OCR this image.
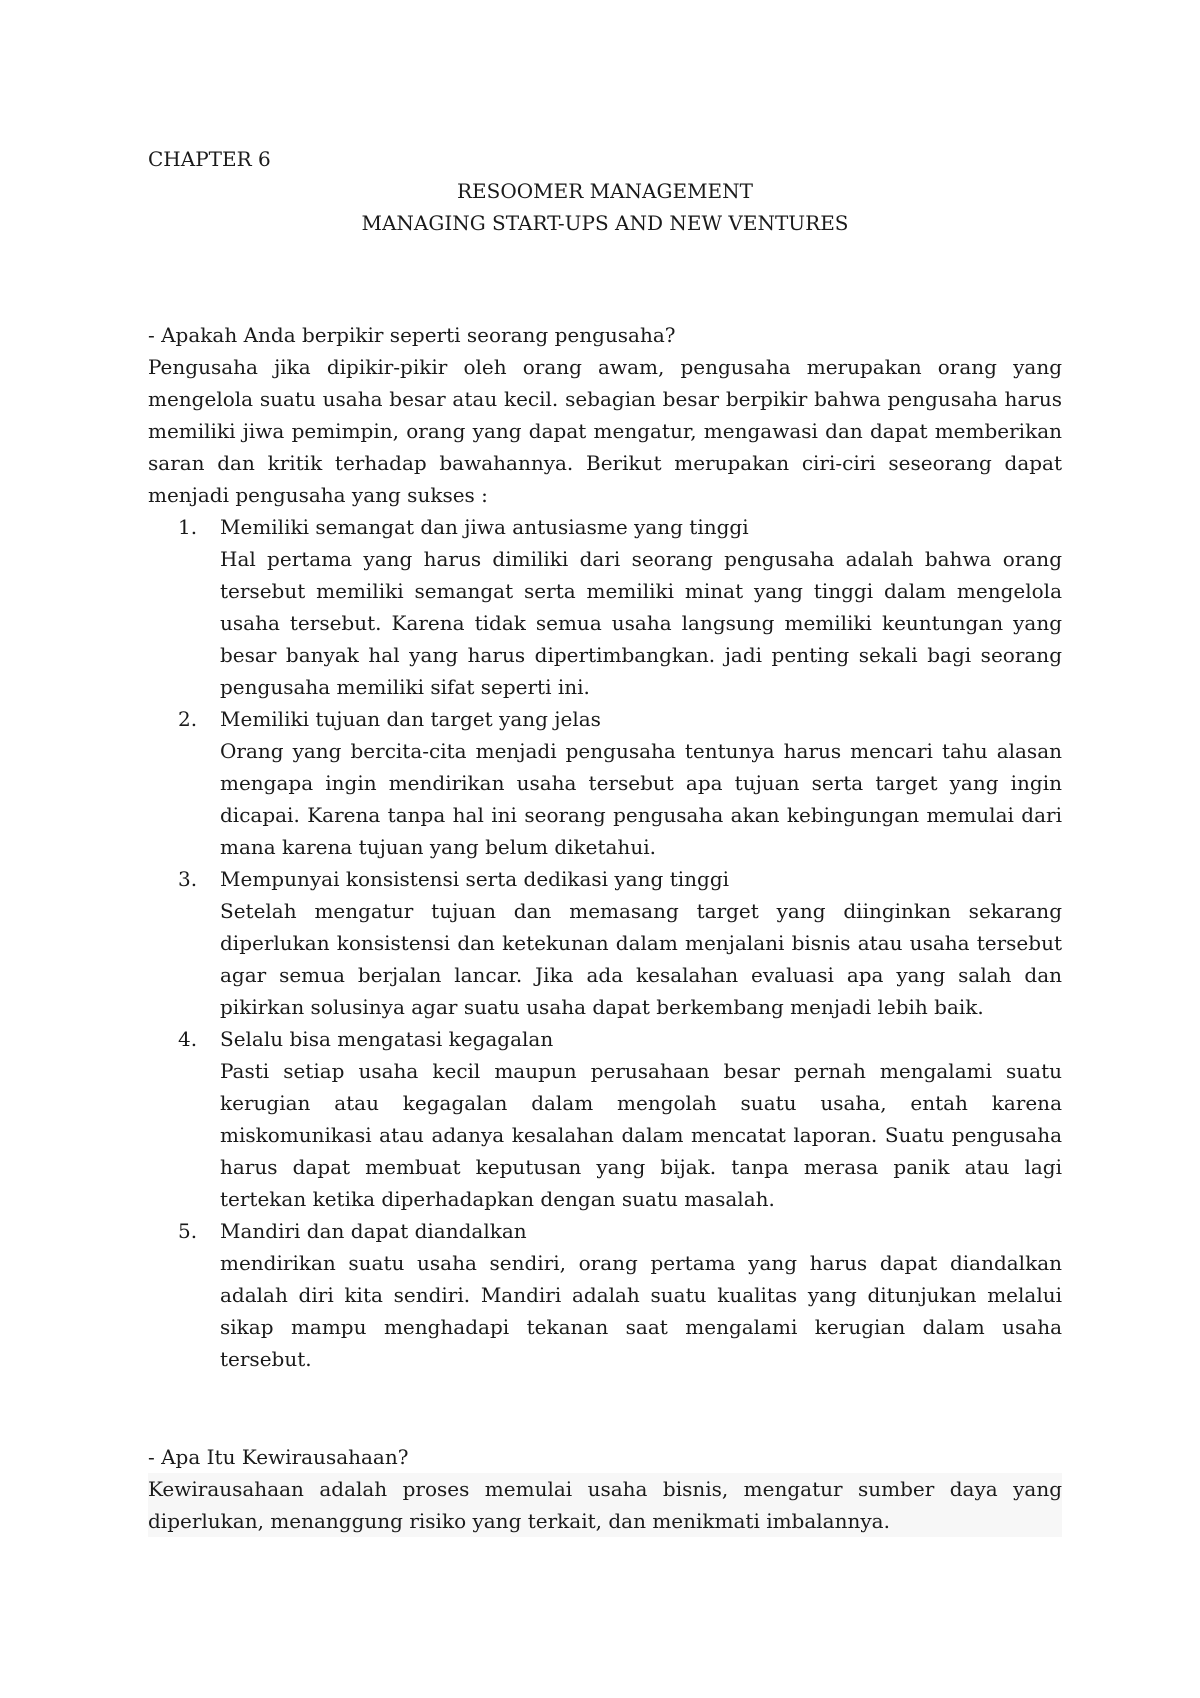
CHAPTER 6
RESOOMER MANAGEMENT
MANAGING START-UPS AND NEW VENTURES

- Apakah Anda berpikir seperti seorang pengusaha?

Pengusaha jika dipikir-pikir oleh orang awam, pengusaha merupakan orang yang mengelola suatu usaha besar atau kecil. sebagian besar berpikir bahwa pengusaha harus memiliki jiwa pemimpin, orang yang dapat mengatur, mengawasi dan dapat memberikan saran dan kritik terhadap bawahannya. Berikut merupakan ciri-ciri seseorang dapat menjadi pengusaha yang sukses :

1. Memiliki semangat dan jiwa antusiasme yang tinggi
Hal pertama yang harus dimiliki dari seorang pengusaha adalah bahwa orang tersebut memiliki semangat serta memiliki minat yang tinggi dalam mengelola usaha tersebut. Karena tidak semua usaha langsung memiliki keuntungan yang besar banyak hal yang harus dipertimbangkan. jadi penting sekali bagi seorang pengusaha memiliki sifat seperti ini.
2. Memiliki tujuan dan target yang jelas
Orang yang bercita-cita menjadi pengusaha tentunya harus mencari tahu alasan mengapa ingin mendirikan usaha tersebut apa tujuan serta target yang ingin dicapai. Karena tanpa hal ini seorang pengusaha akan kebingungan memulai dari mana karena tujuan yang belum diketahui.
3. Mempunyai konsistensi serta dedikasi yang tinggi
Setelah mengatur tujuan dan memasang target yang diinginkan sekarang diperlukan konsistensi dan ketekunan dalam menjalani bisnis atau usaha tersebut agar semua berjalan lancar. Jika ada kesalahan evaluasi apa yang salah dan pikirkan solusinya agar suatu usaha dapat berkembang menjadi lebih baik.
4. Selalu bisa mengatasi kegagalan
Pasti setiap usaha kecil maupun perusahaan besar pernah mengalami suatu kerugian atau kegagalan dalam mengolah suatu usaha, entah karena miskomunikasi atau adanya kesalahan dalam mencatat laporan. Suatu pengusaha harus dapat membuat keputusan yang bijak. tanpa merasa panik atau lagi tertekan ketika diperhadapkan dengan suatu masalah.
5. Mandiri dan dapat diandalkan
mendirikan suatu usaha sendiri, orang pertama yang harus dapat diandalkan adalah diri kita sendiri. Mandiri adalah suatu kualitas yang ditunjukan melalui sikap mampu menghadapi tekanan saat mengalami kerugian dalam usaha tersebut.

- Apa Itu Kewirausahaan?

Kewirausahaan adalah proses memulai usaha bisnis, mengatur sumber daya yang diperlukan, menanggung risiko yang terkait, dan menikmati imbalannya.
